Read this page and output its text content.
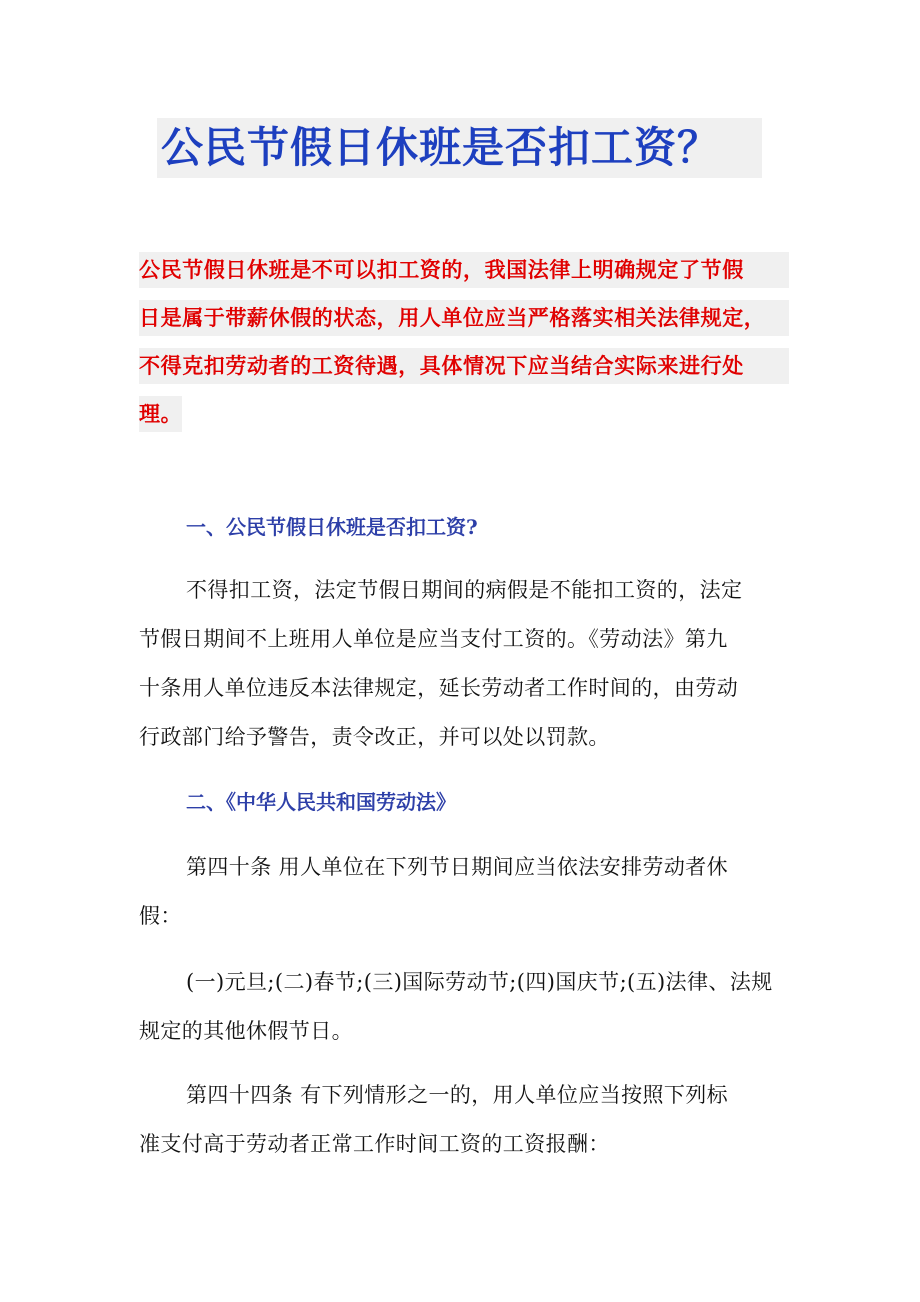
公民节假日休班是否扣工资？
公民节假日休班是不可以扣工资的，我国法律上明确规定了节假
日是属于带薪休假的状态，用人单位应当严格落实相关法律规定，
不得克扣劳动者的工资待遇，具体情况下应当结合实际来进行处
理。
一、公民节假日休班是否扣工资?
不得扣工资，法定节假日期间的病假是不能扣工资的，法定
节假日期间不上班用人单位是应当支付工资的。《劳动法》第九
十条用人单位违反本法律规定，延长劳动者工作时间的，由劳动
行政部门给予警告，责令改正，并可以处以罚款。
二、《中华人民共和国劳动法》
第四十条 用人单位在下列节日期间应当依法安排劳动者休
假：
(一)元旦;(二)春节;(三)国际劳动节;(四)国庆节;(五)法律、法规
规定的其他休假节日。
第四十四条 有下列情形之一的，用人单位应当按照下列标
准支付高于劳动者正常工作时间工资的工资报酬：
